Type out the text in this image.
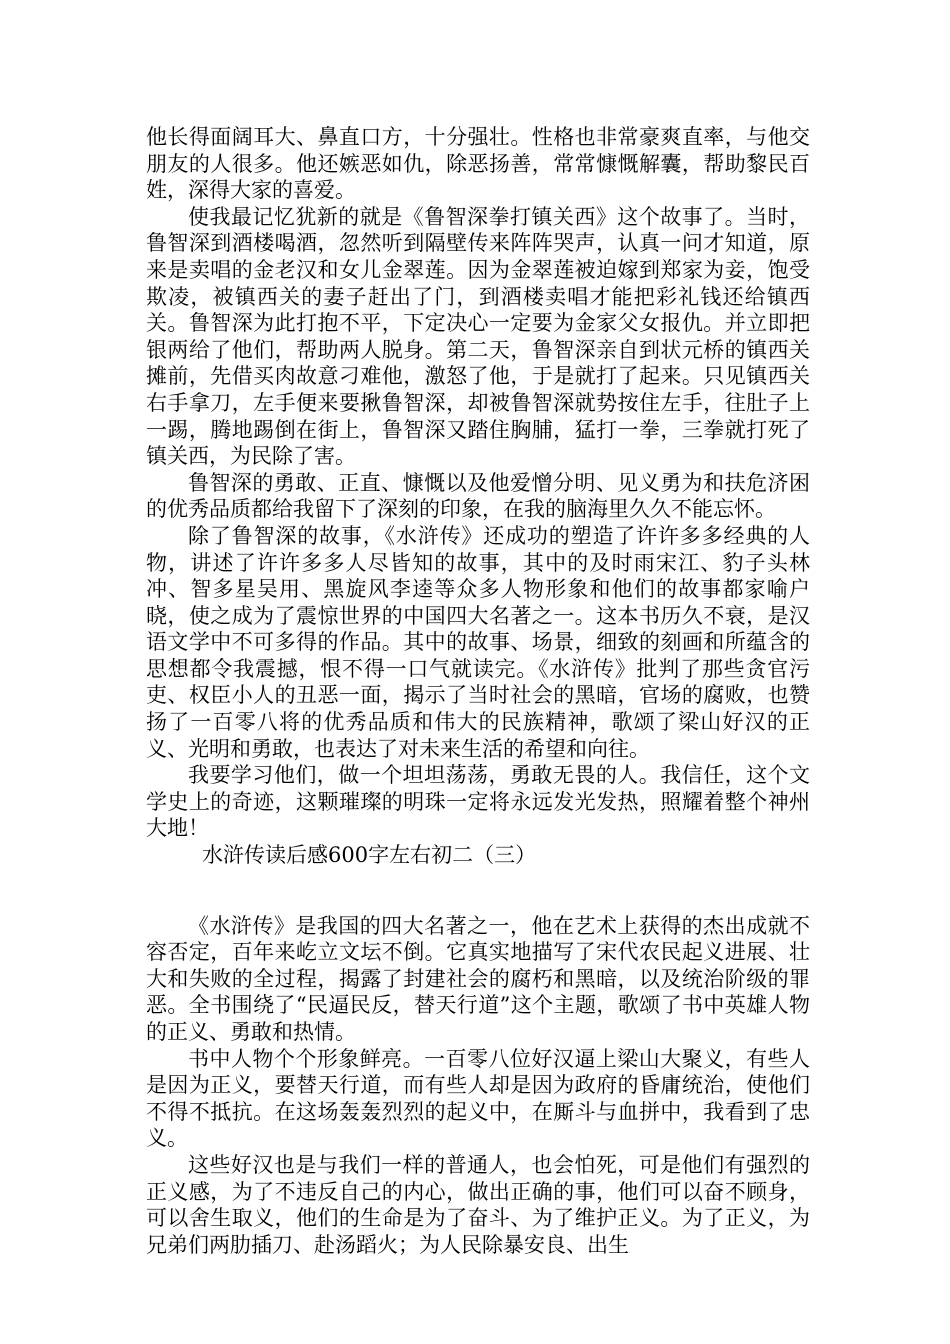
他长得面阔耳大、鼻直口方，十分强壮。性格也非常豪爽直率，与他交朋友的人很多。他还嫉恶如仇，除恶扬善，常常慷慨解囊，帮助黎民百姓，深得大家的喜爱。

使我最记忆犹新的就是《鲁智深拳打镇关西》这个故事了。当时，鲁智深到酒楼喝酒，忽然听到隔壁传来阵阵哭声，认真一问才知道，原来是卖唱的金老汉和女儿金翠莲。因为金翠莲被迫嫁到郑家为妾，饱受欺凌，被镇西关的妻子赶出了门，到酒楼卖唱才能把彩礼钱还给镇西关。鲁智深为此打抱不平，下定决心一定要为金家父女报仇。并立即把银两给了他们，帮助两人脱身。第二天，鲁智深亲自到状元桥的镇西关摊前，先借买肉故意刁难他，激怒了他，于是就打了起来。只见镇西关右手拿刀，左手便来要揪鲁智深，却被鲁智深就势按住左手，往肚子上一踢，腾地踢倒在街上，鲁智深又踏住胸脯，猛打一拳，三拳就打死了镇关西，为民除了害。

鲁智深的勇敢、正直、慷慨以及他爱憎分明、见义勇为和扶危济困的优秀品质都给我留下了深刻的印象，在我的脑海里久久不能忘怀。

除了鲁智深的故事，《水浒传》还成功的塑造了许许多多经典的人物，讲述了许许多多人尽皆知的故事，其中的及时雨宋江、豹子头林冲、智多星吴用、黑旋风李逵等众多人物形象和他们的故事都家喻户晓，使之成为了震惊世界的中国四大名著之一。这本书历久不衰，是汉语文学中不可多得的作品。其中的故事、场景，细致的刻画和所蕴含的思想都令我震撼，恨不得一口气就读完。《水浒传》批判了那些贪官污吏、权臣小人的丑恶一面，揭示了当时社会的黑暗，官场的腐败，也赞扬了一百零八将的优秀品质和伟大的民族精神，歌颂了梁山好汉的正义、光明和勇敢，也表达了对未来生活的希望和向往。

我要学习他们，做一个坦坦荡荡，勇敢无畏的人。我信任，这个文学史上的奇迹，这颗璀璨的明珠一定将永远发光发热，照耀着整个神州大地！

水浒传读后感600字左右初二（三）

《水浒传》是我国的四大名著之一，他在艺术上获得的杰出成就不容否定，百年来屹立文坛不倒。它真实地描写了宋代农民起义进展、壮大和失败的全过程，揭露了封建社会的腐朽和黑暗，以及统治阶级的罪恶。全书围绕了“民逼民反，替天行道”这个主题，歌颂了书中英雄人物的正义、勇敢和热情。

书中人物个个形象鲜亮。一百零八位好汉逼上梁山大聚义，有些人是因为正义，要替天行道，而有些人却是因为政府的昏庸统治，使他们不得不抵抗。在这场轰轰烈烈的起义中，在厮斗与血拼中，我看到了忠义。

这些好汉也是与我们一样的普通人，也会怕死，可是他们有强烈的正义感，为了不违反自己的内心，做出正确的事，他们可以奋不顾身，可以舍生取义，他们的生命是为了奋斗、为了维护正义。为了正义，为兄弟们两肋插刀、赴汤蹈火；为人民除暴安良、出生
